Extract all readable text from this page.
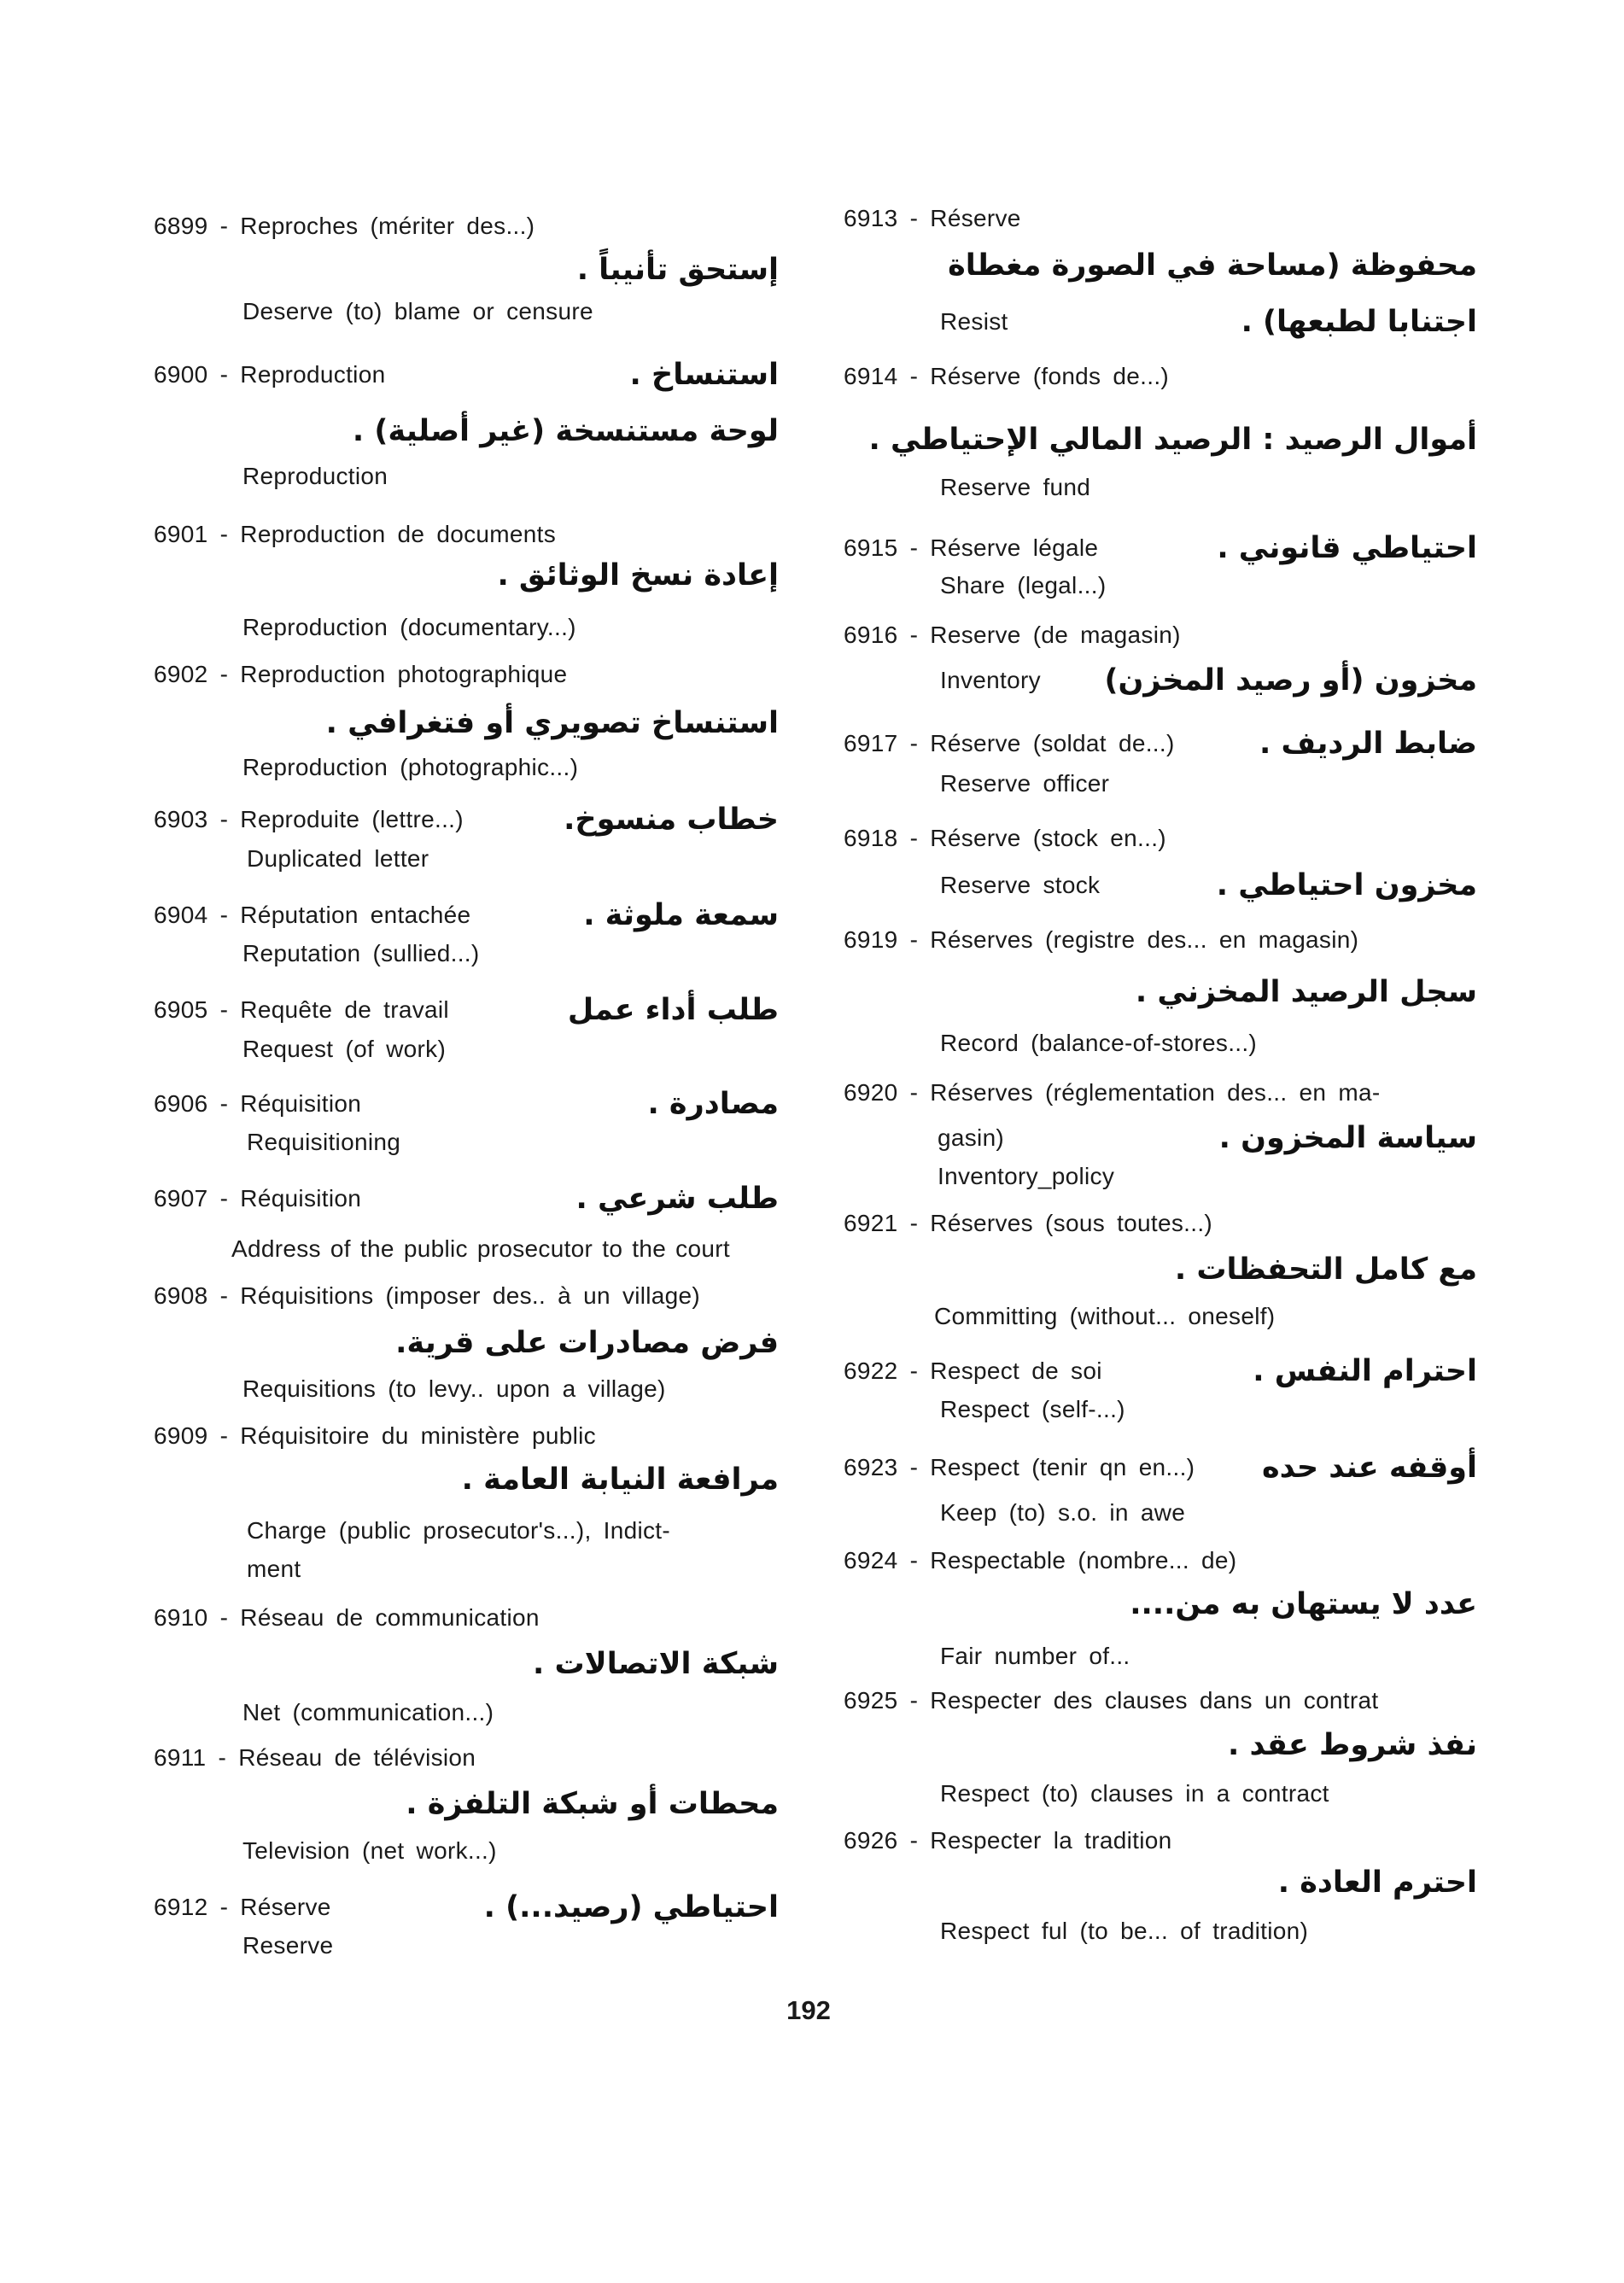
6899 - Reproches (mériter des...)
إستحق تأنيباً .
Deserve (to) blame or censure
6900 - Reproduction	استنساخ .
لوحة مستنسخة (غير أصلية) .
Reproduction
6901 - Reproduction de documents
إعادة نسخ الوثائق .
Reproduction (documentary...)
6902 - Reproduction photographique
استنساخ تصويري أو فتغرافي .
Reproduction (photographic...)
6903 - Reproduite (lettre...)	خطاب منسوخ.
Duplicated letter
6904 - Réputation entachée	سمعة ملوثة .
Reputation (sullied...)
6905 - Requête de travail	طلب أداء عمل
Request (of work)
6906 - Réquisition	مصادرة .
Requisitioning
6907 - Réquisition	طلب شرعي .
Address of the public prosecutor to the court
6908 - Réquisitions (imposer des.. à un village)
فرض مصادرات على قرية.
Requisitions (to levy.. upon a village)
6909 - Réquisitoire du ministère public
مرافعة النيابة العامة .
Charge (public prosecutor's...), Indict-
ment
6910 - Réseau de communication
شبكة الاتصالات .
Net (communication...)
6911 - Réseau de télévision
محطات أو شبكة التلفزة .
Television (net work...)
6912 - Réserve	احتياطي (رصيد...) .
Reserve
6913 - Réserve
محفوظة (مساحة في الصورة مغطاة
Resist	اجتنابا لطبعها) .
6914 - Réserve (fonds de...)
أموال الرصيد : الرصيد المالي الإحتياطي .
Reserve fund
6915 - Réserve légale	احتياطي قانوني .
Share (legal...)
6916 - Reserve (de magasin)
Inventory مخزون (أو رصيد المخزن)
6917 - Réserve (soldat de...)	ضابط الرديف .
Reserve officer
6918 - Réserve (stock en...)
Reserve stock	مخزون احتياطي .
6919 - Réserves (registre des... en magasin)
سجل الرصيد المخزني .
Record (balance-of-stores...)
6920 - Réserves (réglementation des... en ma-
gasin)	سياسة المخزون .
Inventory_policy
6921 - Réserves (sous toutes...)
مع كامل التحفظات .
Committing (without... oneself)
6922 - Respect de soi	احترام النفس .
Respect (self-...)
6923 - Respect (tenir qn en...) أوقفه عند حده
Keep (to) s.o. in awe
6924 - Respectable (nombre... de)
عدد لا يستهان به من....
Fair number of...
6925 - Respecter des clauses dans un contrat
نفذ شروط عقد .
Respect (to) clauses in a contract
6926 - Respecter la tradition
احترم العادة .
Respect ful (to be... of tradition)
192
